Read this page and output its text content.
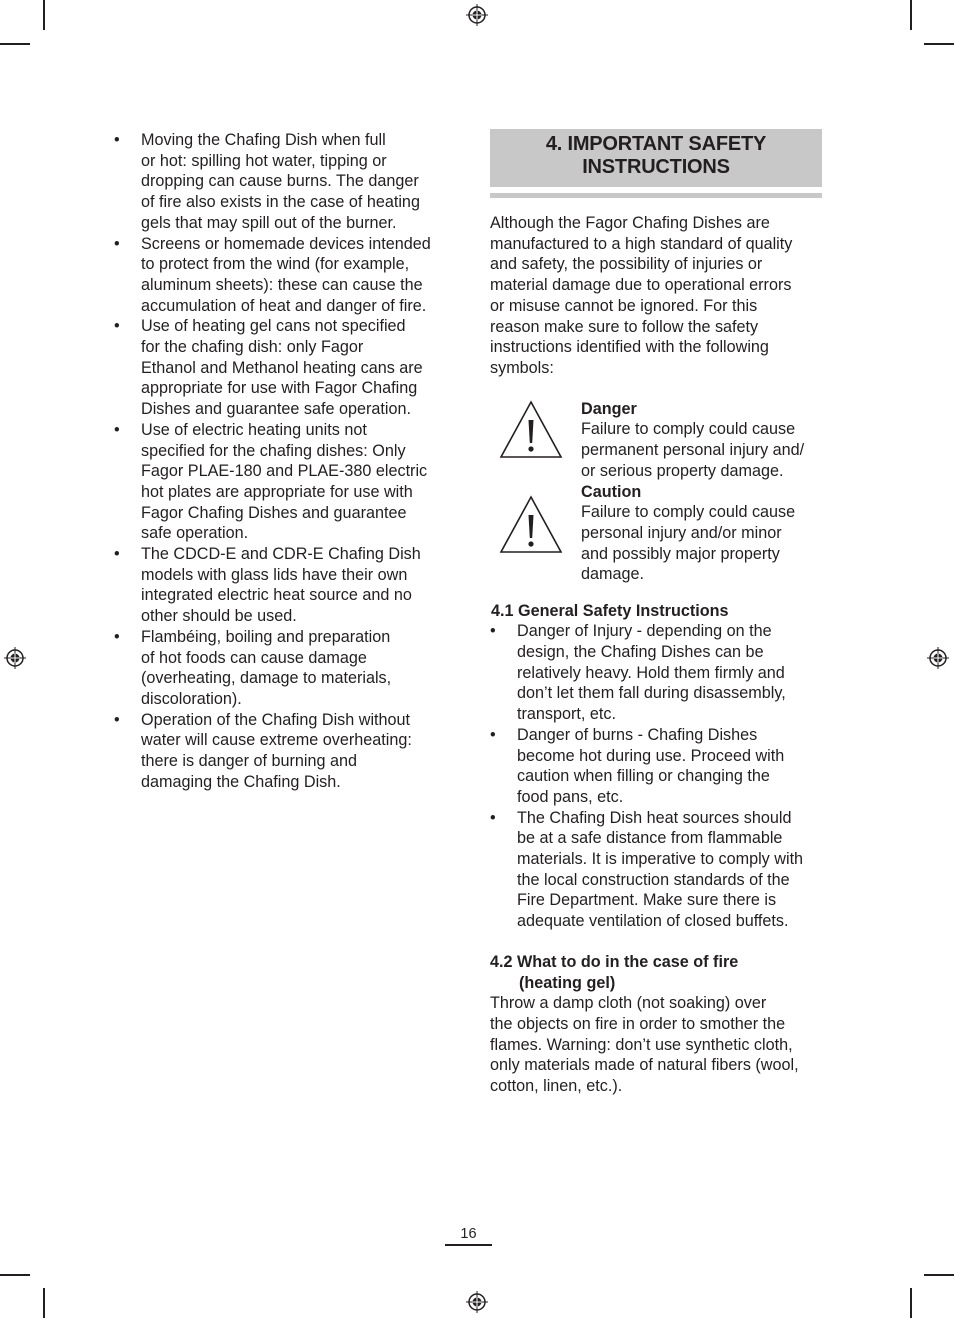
• Moving the Chafing Dish when full
or hot: spilling hot water, tipping or
dropping can cause burns. The danger
of fire also exists in the case of heating
gels that may spill out of the burner.
• Screens or homemade devices intended
to protect from the wind (for example,
aluminum sheets): these can cause the
accumulation of heat and danger of fire.
• Use of heating gel cans not specified
for the chafing dish: only Fagor
Ethanol and Methanol heating cans are
appropriate for use with Fagor Chafing
Dishes and guarantee safe operation.
• Use of electric heating units not
specified for the chafing dishes: Only
Fagor PLAE-180 and PLAE-380 electric
hot plates are appropriate for use with
Fagor Chafing Dishes and guarantee
safe operation.
• The CDCD-E and CDR-E Chafing Dish
models with glass lids have their own
integrated electric heat source and no
other should be used.
• Flambéing, boiling and preparation
of hot foods can cause damage
(overheating, damage to materials,
discoloration).
• Operation of the Chafing Dish without
water will cause extreme overheating:
there is danger of burning and
damaging the Chafing Dish.
4. IMPORTANT SAFETY
INSTRUCTIONS
Although the Fagor Chafing Dishes are
manufactured to a high standard of quality
and safety, the possibility of injuries or
material damage due to operational errors
or misuse cannot be ignored. For this
reason make sure to follow the safety
instructions identified with the following
symbols:
Danger
Failure to comply could cause
permanent personal injury and/
or serious property damage.
Caution
Failure to comply could cause
personal injury and/or minor
and possibly major property
damage.
4.1 General Safety Instructions
• Danger of Injury - depending on the
design, the Chafing Dishes can be
relatively heavy. Hold them firmly and
don’t let them fall during disassembly,
transport, etc.
• Danger of burns - Chafing Dishes
become hot during use. Proceed with
caution when filling or changing the
food pans, etc.
• The Chafing Dish heat sources should
be at a safe distance from flammable
materials. It is imperative to comply with
the local construction standards of the
Fire Department. Make sure there is
adequate ventilation of closed buffets.
4.2 What to do in the case of fire
(heating gel)
Throw a damp cloth (not soaking) over
the objects on fire in order to smother the
flames. Warning: don’t use synthetic cloth,
only materials made of natural fibers (wool,
cotton, linen, etc.).
16
